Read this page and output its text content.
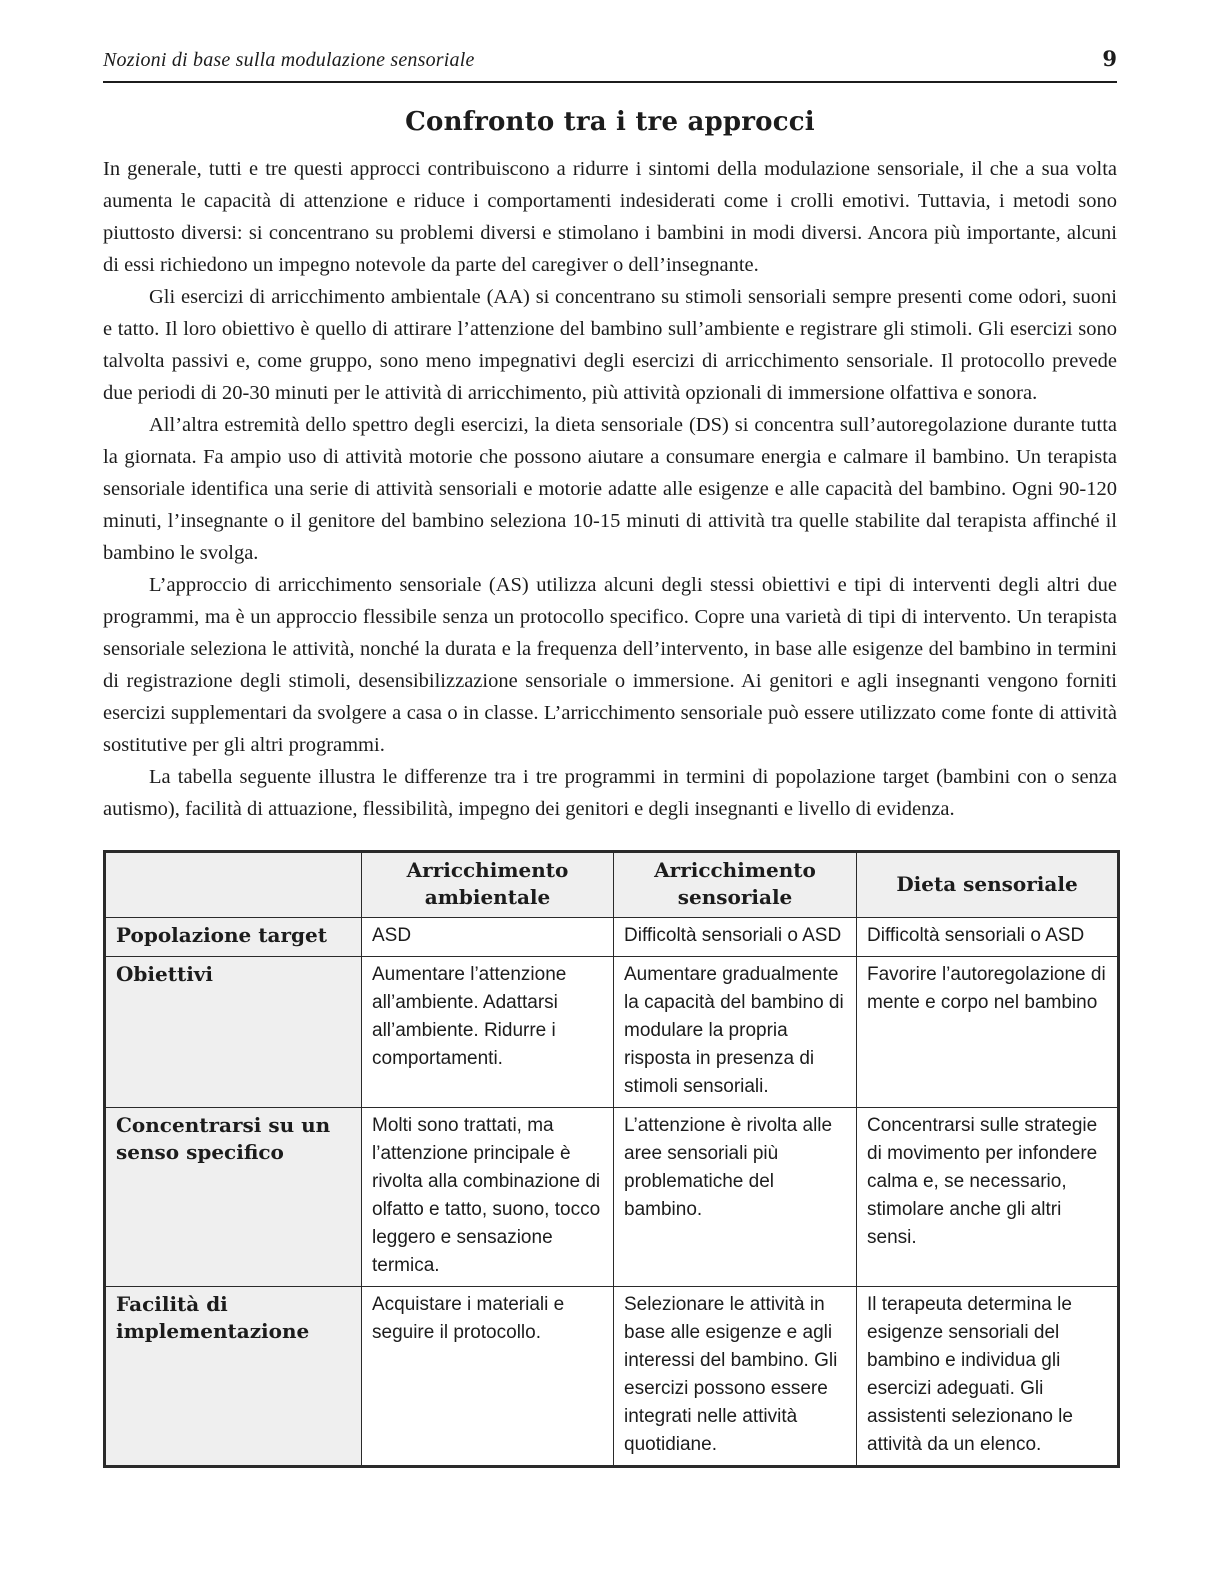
Nozioni di base sulla modulazione sensoriale	9
Confronto tra i tre approcci

In generale, tutti e tre questi approcci contribuiscono a ridurre i sintomi della modulazione sensoriale, il che a sua volta aumenta le capacità di attenzione e riduce i comportamenti indesiderati come i crolli emotivi. Tuttavia, i metodi sono piuttosto diversi: si concentrano su problemi diversi e stimolano i bambini in modi diversi. Ancora più importante, alcuni di essi richiedono un impegno notevole da parte del caregiver o dell’insegnante.

Gli esercizi di arricchimento ambientale (AA) si concentrano su stimoli sensoriali sempre presenti come odori, suoni e tatto. Il loro obiettivo è quello di attirare l’attenzione del bambino sull’ambiente e registrare gli stimoli. Gli esercizi sono talvolta passivi e, come gruppo, sono meno impegnativi degli esercizi di arricchimento sensoriale. Il protocollo prevede due periodi di 20-30 minuti per le attività di arricchimento, più attività opzionali di immersione olfattiva e sonora.

All’altra estremità dello spettro degli esercizi, la dieta sensoriale (DS) si concentra sull’autoregolazione durante tutta la giornata. Fa ampio uso di attività motorie che possono aiutare a consumare energia e calmare il bambino. Un terapista sensoriale identifica una serie di attività sensoriali e motorie adatte alle esigenze e alle capacità del bambino. Ogni 90-120 minuti, l’insegnante o il genitore del bambino seleziona 10-15 minuti di attività tra quelle stabilite dal terapista affinché il bambino le svolga.

L’approccio di arricchimento sensoriale (AS) utilizza alcuni degli stessi obiettivi e tipi di interventi degli altri due programmi, ma è un approccio flessibile senza un protocollo specifico. Copre una varietà di tipi di intervento. Un terapista sensoriale seleziona le attività, nonché la durata e la frequenza dell’intervento, in base alle esigenze del bambino in termini di registrazione degli stimoli, desensibilizzazione sensoriale o immersione. Ai genitori e agli insegnanti vengono forniti esercizi supplementari da svolgere a casa o in classe. L’arricchimento sensoriale può essere utilizzato come fonte di attività sostitutive per gli altri programmi.

La tabella seguente illustra le differenze tra i tre programmi in termini di popolazione target (bambini con o senza autismo), facilità di attuazione, flessibilità, impegno dei genitori e degli insegnanti e livello di evidenza.

	Arricchimento ambientale	Arricchimento sensoriale	Dieta sensoriale
Popolazione target	ASD	Difficoltà sensoriali o ASD	Difficoltà sensoriali o ASD
Obiettivi	Aumentare l’attenzione all’ambiente. Adattarsi all’ambiente. Ridurre i comportamenti.	Aumentare gradualmente la capacità del bambino di modulare la propria risposta in presenza di stimoli sensoriali.	Favorire l’autoregolazione di mente e corpo nel bambino
Concentrarsi su un senso specifico	Molti sono trattati, ma l’attenzione principale è rivolta alla combinazione di olfatto e tatto, suono, tocco leggero e sensazione termica.	L’attenzione è rivolta alle aree sensoriali più problematiche del bambino.	Concentrarsi sulle strategie di movimento per infondere calma e, se necessario, stimolare anche gli altri sensi.
Facilità di implementazione	Acquistare i materiali e seguire il protocollo.	Selezionare le attività in base alle esigenze e agli interessi del bambino. Gli esercizi possono essere integrati nelle attività quotidiane.	Il terapeuta determina le esigenze sensoriali del bambino e individua gli esercizi adeguati. Gli assistenti selezionano le attività da un elenco.
